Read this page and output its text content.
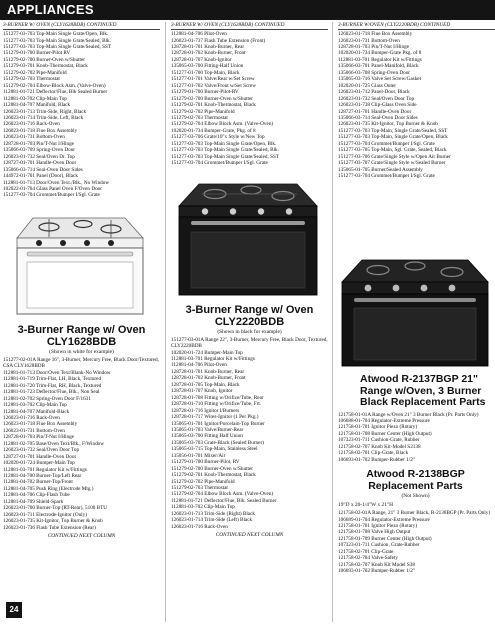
APPLIANCES
3-BURNER W/ OVEN (CLY1628BDB) CONTINUED
151277-03-703 Top-Main Single Grate/Open, Blk.
151277-03-703 Top-Main Single Grate/Sealed, Blk.
151277-03-703 Top-Main Single Grate/Sealed, SST
151279-01-700 Burner-Pilot RV
151279-02-700 Burner-Oven w/Shutter
151279-03-701 Knob-Thermostat, Black
151279-02-702 Pipe-Manifold
151279-02-703 Thermostat
151279-02-704 Elbow-Block Asm. (Valve-Oven)
112881-01-721 Deflector/Flue, Blk Sealed Burner
112881-03-702 Clip-Main Top
112881-04-707 Manifold, Black
126023-01-713 Trim-Side, Right, Black
126023-01-714 Trim-Side, Left, Black
126023-01-716 Rack-Oven
126023-01-718 Flue Box Assembly
126023-01-731 Bottom-Oven
128728-01-703 Pin/T-Nut I/Hinge
135066-03-709 Spring-Oven Door
126023-01-732 Seal/Oven Dr. Top
128727-01-701 Handle-Oven Door
135066-03-714 Seal-Oven Door Sides
144972-01-701 Panel (Door), Black
112881-01-713 Door/Oven Text./Blk., No Window
102022-01-704 Glass Panel Oven F/Oven Door
151277-03-704 Grommet/Bumper I/Sgl. Grate
3-Burner Range w/ Oven CLY1628BDB
(Shown in white for example)
151277-02-01A Range 16", 3-Burner, Mercury Free, Black Door/Textured, CSA CLY1628BDB
112881-01-713 Door/Oven Text/Blank-No Window
112881-01-719 Trim-Flat, LH, Black, Textured
112881-01-720 Trim-Flat, RH, Black, Textured
112881-01-723 Deflector/Flue, Blk., Non Seal
112881-02-702 Spring-Oven Door F/1631
112881-03-702 Clip-Main Top
112881-04-707 Manifold-Black
126023-01-716 Rack-Oven
126023-01-718 Flue Box Assembly
126023-01-731 Bottom-Oven
128728-01-703 Pin/T-Nut I/Hinge
112881-02-705 Base/Oven Text/Blk., F/Window
126023-01-732 Seal/Oven Door Top
128727-01-701 Handle-Oven Door
102020-01-724 Bumper-Main Top
112881-03-701 Regulator Kit w/Fittings
112881-04-700 Burner-Top/Left Rear
112881-04-702 Burner-Top/Front
112881-04-705 Push Ring (Electrode Mtg.)
112881-04-706 Clip-Flash Tube
112881-04-709 Shield-Spark
126023-01-700 Burner-Top (RT-Rear), 5100 BTU
126023-01-711 Electrode-Ignitor (Only)
126023-01-735 Kit-Ignitor, Top Burner & Knob
126023-01-736 Flash Tube Extension (Rear)
CONTINUED NEXT COLUMN
3-BURNER W/ OVEN (CLY1628BDB) CONTINUED
112881-04-706 Pilot-Oven
126023-01-737 Flash Tube Extension (Front)
128728-01-701 Knob-Burner, Rear
128728-01-702 Knob-Burner, Front
128728-01-707 Knob-Ignitor
135065-03-700 Fitting-Half Union
151277-01-700 Top-Main, Black
151277-01-701 Valve/Rear w/Set Screw
151277-01-702 Valve/Front w/Set Screw
151279-01-700 Burner-Pilot-RV
151279-02-700 Burner-Oven w/Shutter
151279-02-701 Knob-Thermostat, Black
151279-02-702 Pipe-Manifold
151279-02-703 Thermostat
151279-02-704 Elbow Block Asm. (Valve-Oven)
102020-01-734 Bumper-Grate, Pkg. of 8
151277-03-706 Grate/10"x Style w/New Top
151277-03-703 Top-Main Single Grate/Open, Blk.
151277-03-703 Top-Main Single Grate/Sealed, Blk.
151277-03-703 Top-Main Single Grate/Sealed, SST
151277-03-704 Grommet/Bumper I/Sgl. Grate
3-Burner Range w/ Oven CLY2220BDB
(Shown in black for example)
151277-03-01A Range 22", 3-Burner, Mercury Free, Black Door, Textured, CLY2220BDB
102020-01-724 Bumper-Main Top
112881-03-701 Regulator Kit w/Fittings
112881-04-706 Pilot-Oven
128728-01-701 Knob-Burner, Rear
128728-01-702 Knob-Burner, Front
128728-01-705 Top-Main, Black
128728-01-707 Knob, Ignitor
128728-01-708 Fitting w/Orifice/Tube, Rear
128728-01-710 Fitting w/Orifice/Tube, Frt.
128728-01-716 Ignitor I/Burners
128728-01-717 Wires-Ignitor (1 Per Pkg.)
135065-01-701 Ignitor/Porcelain-Top Burner
135065-01-703 Valve/Burner-Rear
135065-03-700 Fitting Half Union
135065-03-703 Grate-Black (Sealed Burner)
135065-03-715 Top-Main, Stainless Steel
135056-01-701 Mixer/Air
151279-01-700 Burner-Pilot, RV
151279-02-700 Burner-Oven w/Shutter
151279-02-701 Knob-Thermostat, Black
151279-02-702 Pipe-Manifold
151279-02-703 Thermostat
151279-02-704 Elbow Block Asm. (Valve-Oven)
112881-01-721 Deflector/Flue, Blk. Sealed Burner
112881-03-702 Clip-Main Top
126023-01-713 Trim-Side (Right) Black
126023-01-714 Trim-Side (Left) Black
126023-01-716 Rack-Oven
CONTINUED NEXT COLUMN
3-BURNER W/OVEN (CLY2220BDB) CONTINUED
126023-01-718 Flue Box Assembly
126023-01-731 Bottom-Oven
128728-01-703 Pin/T-Nut I/Hinge
102020-01-734 Bumper-Grate Pkg. of 8
112881-03-701 Regulator Kit w/Fittings
135066-03-701 Panel-Manifold, Black
135066-03-708 Spring-Oven Door
135065-03-716 Valve Set Screw/Gasket
102020-01-725 Glass Outer
126023-01-712 Panel-Door, Black
126023-01-732 Seal/Oven Door Top
126023-01-738 Clip-Glass Oven Side
128727-01-701 Handle-Oven Door
135066-03-714 Seal-Oven Door Sides
126023-01-735 Kit-Ignitor, Top Burner & Knob
151277-03-703 Top-Main, Single Grate/Sealed, SST
151277-03-703 Top-Main, Single Grate/Open, Black
151277-03-704 Grommet/Bumper I/Sgl. Grate
151277-03-705 Top-Main, Sgl. Grate, Sealed, Black
151277-03-706 Grate/Single Style w/Open Air Burner
151277-03-707 Grate/Single Style w/Sealed Burner
135065-01-705 Burner/Sealed Assembly
151277-03-704 Grommet/Bumper I/Sgl. Grate
Atwood R-2137BGP 21" Range w/Oven, 3 Burner Black Replacement Parts
121758-01-01A Range w/Oven 21" 3 Burner Black (Pr. Parts Only)
106688-01-704 Regulator-Extreme Pressure
121758-01-701 Ignitor Piezo (Rotary)
121758-01-708 Burner Center (High Output)
107323-01-711 Cushion-Grate, Rubber
121758-02-707 Knob Kit-Model S2138
121758-02-701 Clip-Grate, Black
106693-01-702 Bumper-Rubber 1/2"
Atwood R-2138BGP Replacement Parts
(Not Shown)
19"D x 20-1/4"W x 21"H
121758-02-01A Range, 21" 3 Burner Black, R-2138BGP (Pr. Parts Only)
106689-01-704 Regulator-Extreme Pressure
121758-01-701 Ignitor Piezo (Rotary)
121758-01-708 Valve High Output
121758-01-709 Burner Center (High Output)
107323-01-711 Cushion, Grate-Rubber
121758-02-701 Clip-Grate
121758-02-704 Valve-Safety
121758-02-707 Knob Kit Model S38
106693-01-702 Bumper-Rubber 1/2"
24
